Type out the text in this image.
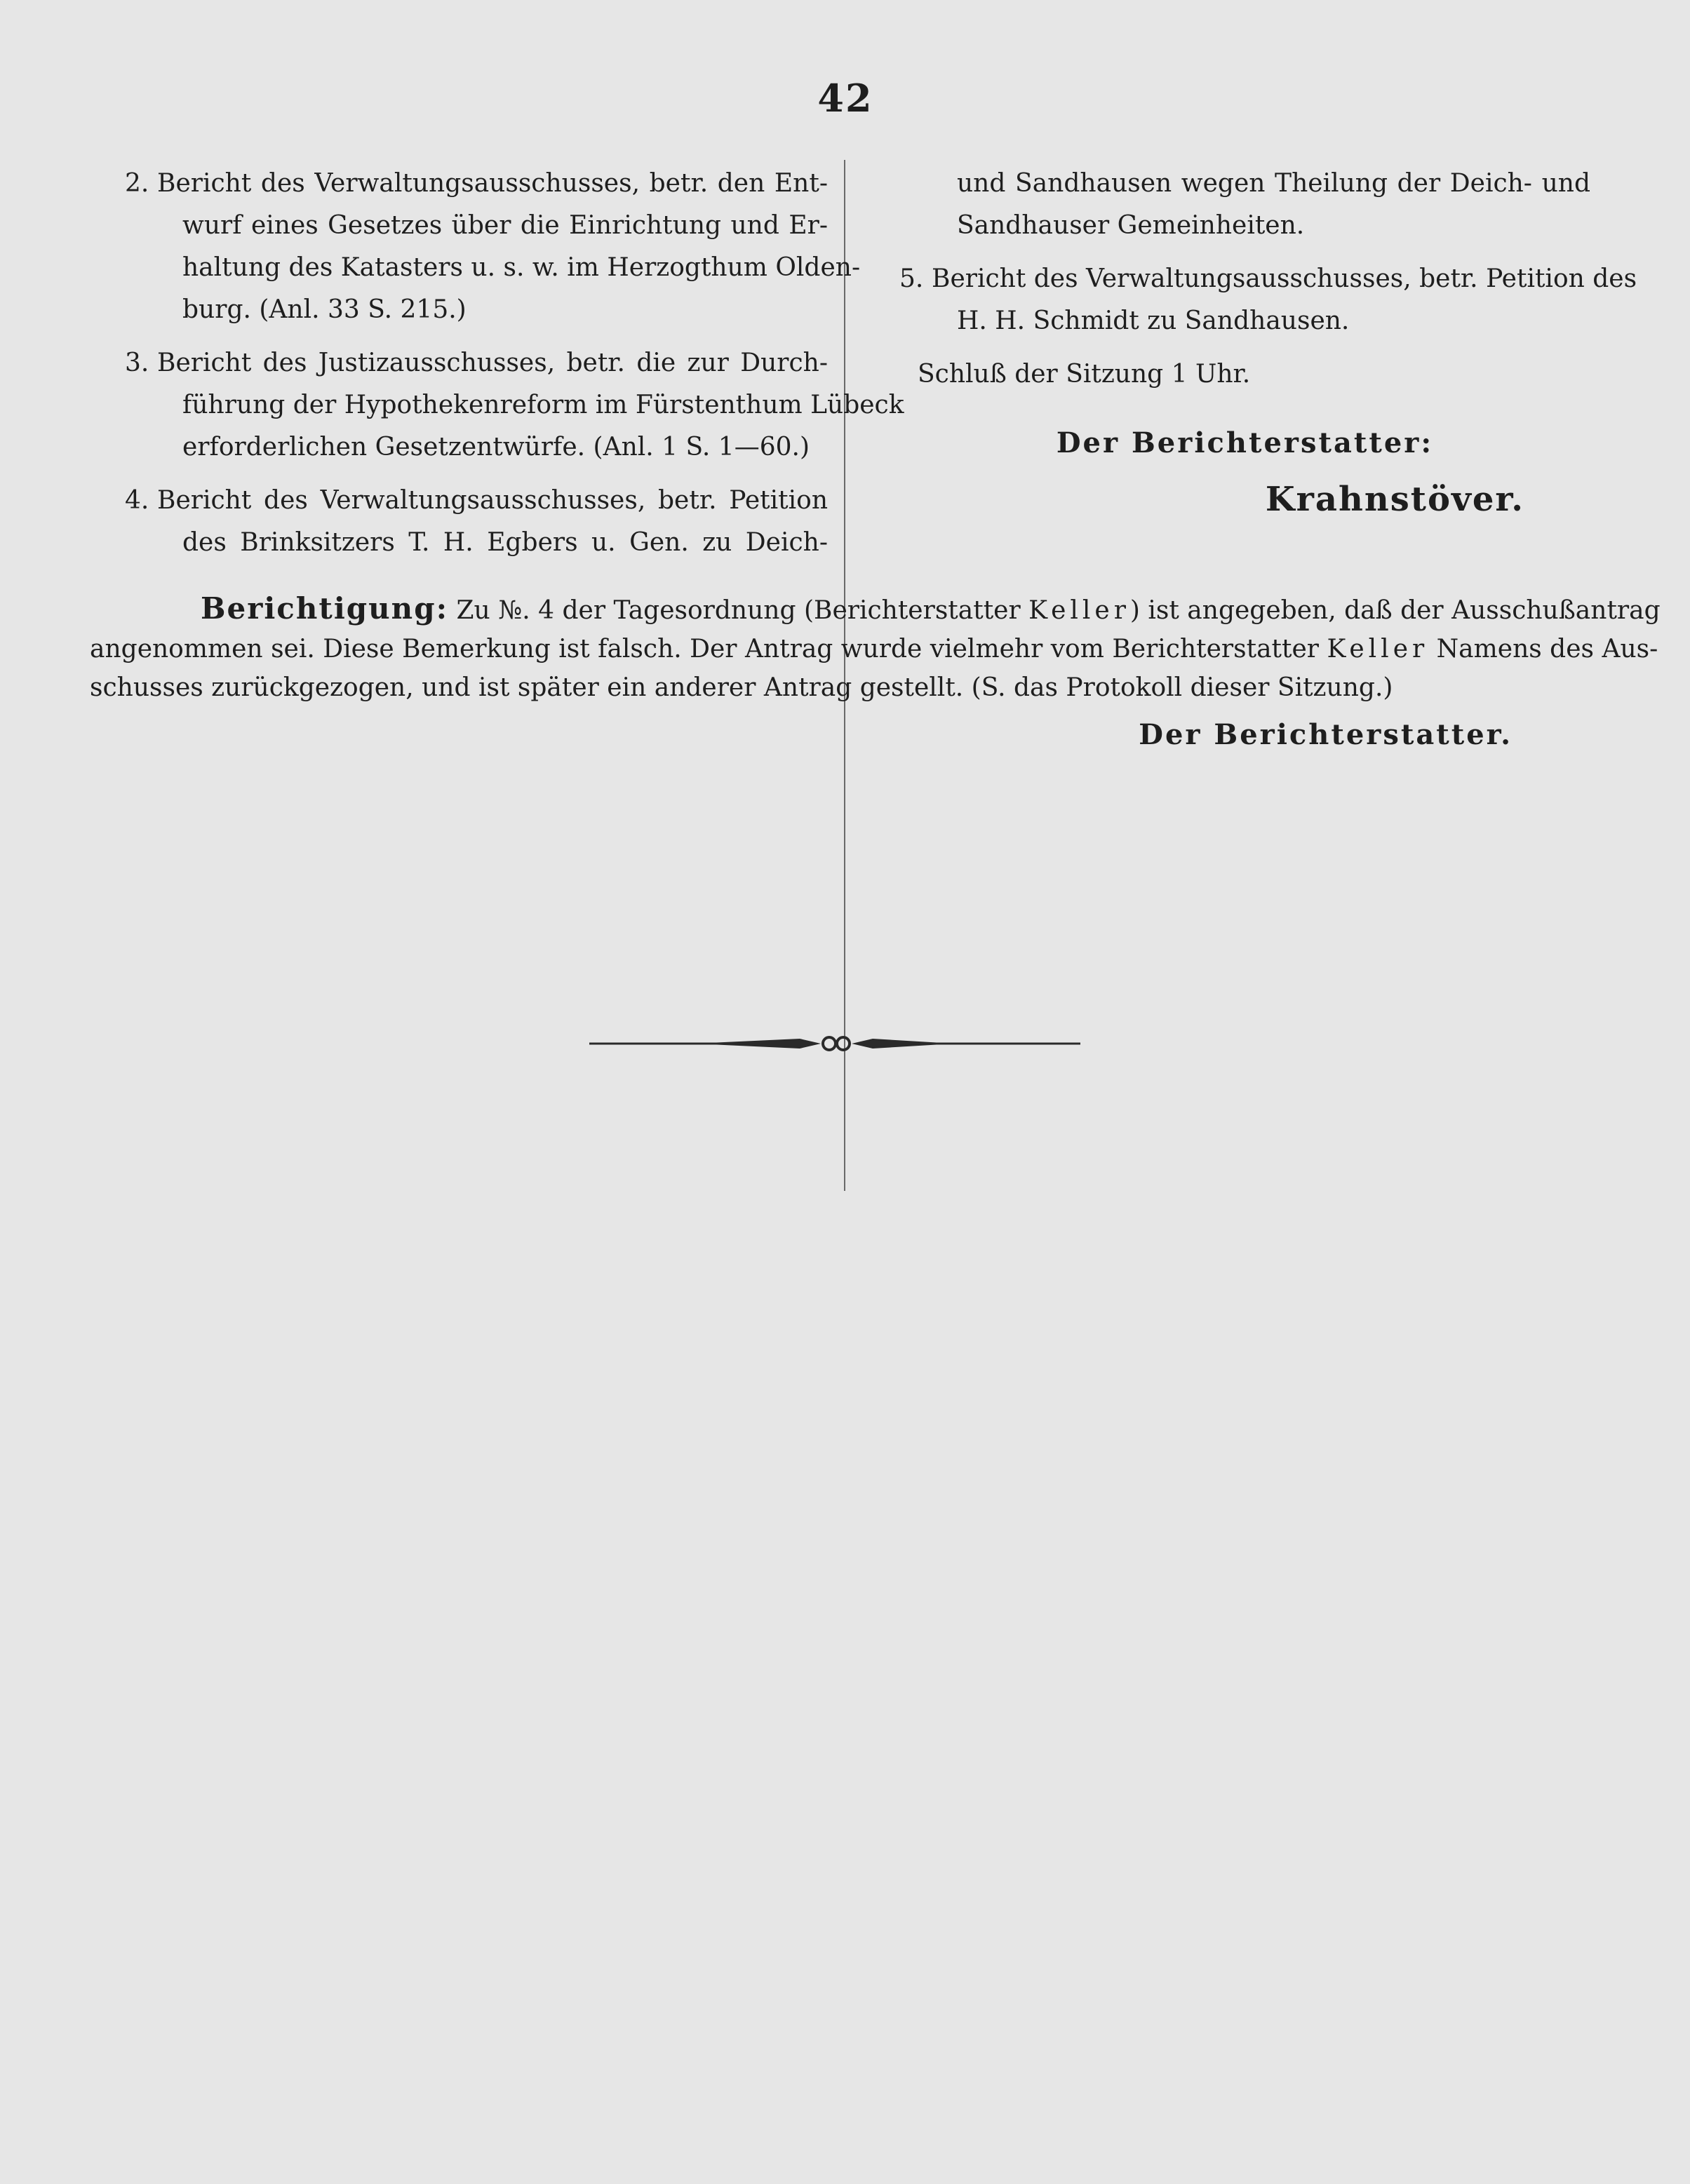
42
2. Bericht des Verwaltungsausschusses, betr. den Ent-
wurf eines Gesetzes über die Einrichtung und Er-
haltung des Katasters u. s. w. im Herzogthum Olden-
burg. (Anl. 33 S. 215.)
3. Bericht des Justizausschusses, betr. die zur Durch-
führung der Hypothekenreform im Fürstenthum Lübeck
erforderlichen Gesetzentwürfe. (Anl. 1 S. 1—60.)
4. Bericht des Verwaltungsausschusses, betr. Petition
des Brinksitzers T. H. Egbers u. Gen. zu Deich-
und Sandhausen wegen Theilung der Deich- und
Sandhauser Gemeinheiten.
5. Bericht des Verwaltungsausschusses, betr. Petition des
H. H. Schmidt zu Sandhausen.
Schluß der Sitzung 1 Uhr.
Der Berichterstatter:
Krahnstöver.
Berichtigung: Zu №. 4 der Tagesordnung (Berichterstatter Keller) ist angegeben, daß der Ausschußantrag
angenommen sei. Diese Bemerkung ist falsch. Der Antrag wurde vielmehr vom Berichterstatter Keller Namens des Aus-
schusses zurückgezogen, und ist später ein anderer Antrag gestellt. (S. das Protokoll dieser Sitzung.)
Der Berichterstatter.
